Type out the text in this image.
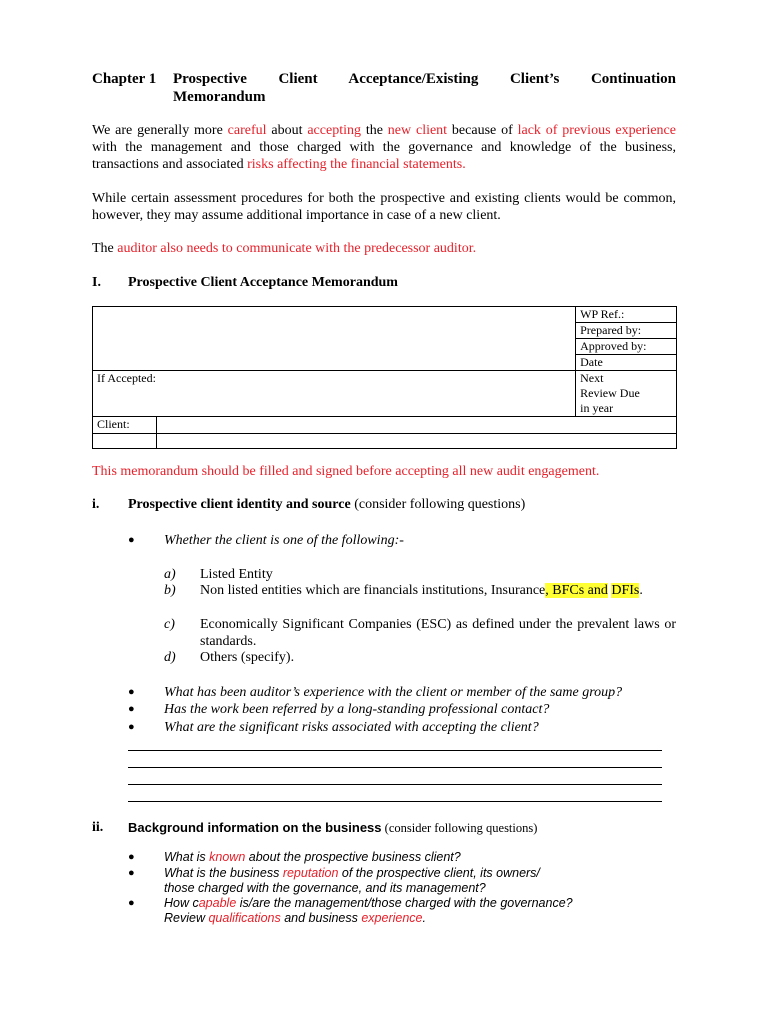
Chapter 1 Prospective Client Acceptance/Existing Client’s Continuation
Memorandum
We are generally more careful about accepting the new client because of lack of previous experience with the management and those charged with the governance and knowledge of the business, transactions and associated risks affecting the financial statements.
While certain assessment procedures for both the prospective and existing clients would be common, however, they may assume additional importance in case of a new client.
The auditor also needs to communicate with the predecessor auditor.
I. Prospective Client Acceptance Memorandum
		WP Ref.:
		Prepared by:
		Approved by:
		Date
If Accepted:		Next
Review Due
in year

Client:		

This memorandum should be filled and signed before accepting all new audit engagement.
i. Prospective client identity and source (consider following questions)
● Whether the client is one of the following:-
a) Listed Entity
b) Non listed entities which are financials institutions, Insurance, BFCs and DFIs.
c) Economically Significant Companies (ESC) as defined under the prevalent laws or standards.
d) Others (specify).
● What has been auditor’s experience with the client or member of the same group?
● Has the work been referred by a long-standing professional contact?
● What are the significant risks associated with accepting the client?
ii. Background information on the business (consider following questions)
● What is known about the prospective business client?
● What is the business reputation of the prospective client, its owners/
those charged with the governance, and its management?
● How capable is/are the management/those charged with the governance?
Review qualifications and business experience.
